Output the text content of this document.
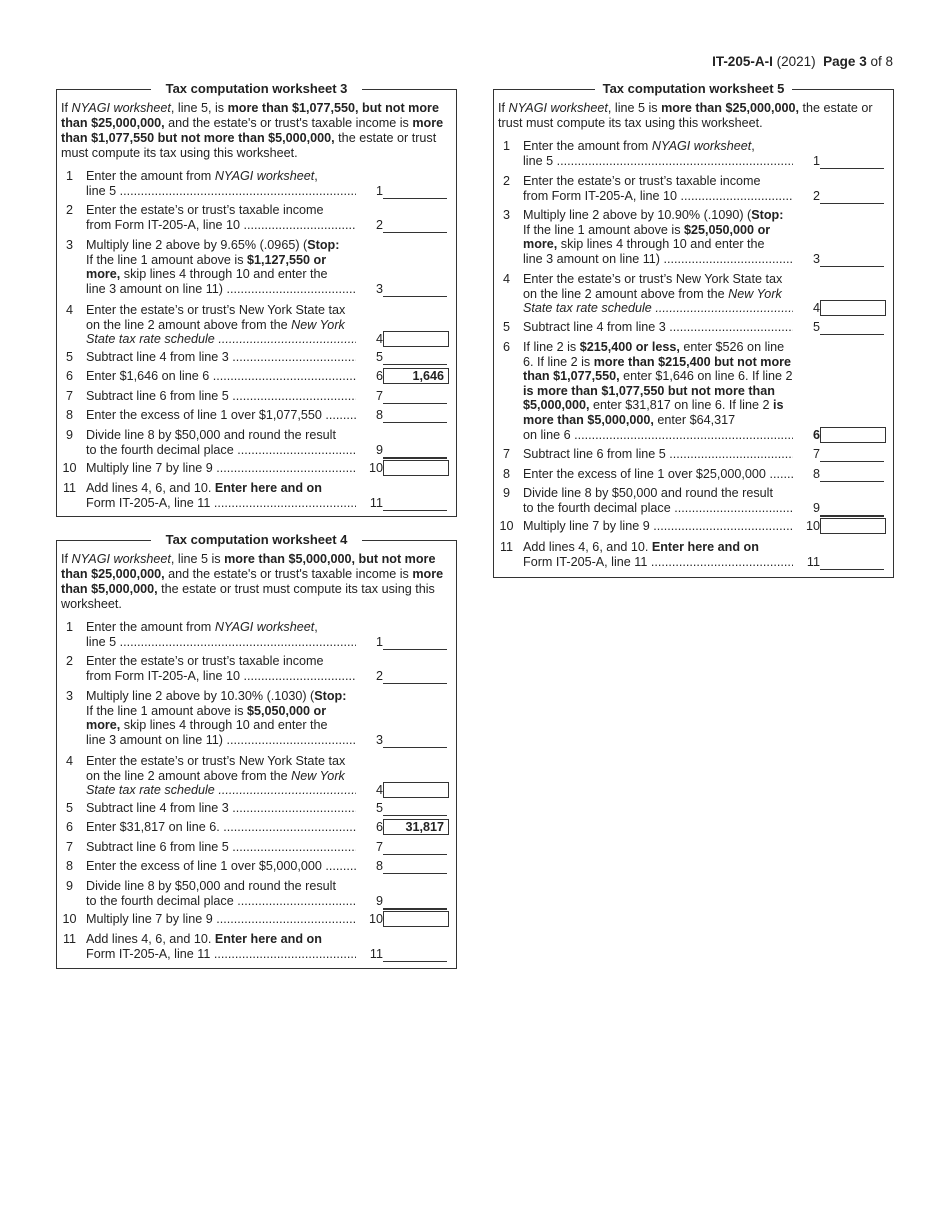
IT-205-A-I (2021) Page 3 of 8
Tax computation worksheet 3
If NYAGI worksheet, line 5, is more than $1,077,550, but not more than $25,000,000, and the estate's or trust's taxable income is more than $1,077,550 but not more than $5,000,000, the estate or trust must compute its tax using this worksheet.
1	Enter the amount from NYAGI worksheet,
line 5 .....	1
2	Enter the estate’s or trust’s taxable income
from Form IT-205-A, line 10 .....	2
3	Multiply line 2 above by 9.65% (.0965) (Stop:
If the line 1 amount above is $1,127,550 or
more, skip lines 4 through 10 and enter the
line 3 amount on line 11) .....	3
4	Enter the estate’s or trust’s New York State tax
on the line 2 amount above from the New York
State tax rate schedule .....	4
5	Subtract line 4 from line 3 .....	5
6	Enter $1,646 on line 6 .....	6	1,646
7	Subtract line 6 from line 5 .....	7
8	Enter the excess of line 1 over $1,077,550 .....	8
9	Divide line 8 by $50,000 and round the result
to the fourth decimal place .....	9
10 Multiply line 7 by line 9 .....	10
11 Add lines 4, 6, and 10. Enter here and on
Form IT-205-A, line 11 .....	11
Tax computation worksheet 4
If NYAGI worksheet, line 5 is more than $5,000,000, but not more than $25,000,000, and the estate's or trust's taxable income is more than $5,000,000, the estate or trust must compute its tax using this worksheet.
1	Enter the amount from NYAGI worksheet,
line 5 .....	1
2	Enter the estate’s or trust’s taxable income
from Form IT-205-A, line 10 .....	2
3	Multiply line 2 above by 10.30% (.1030) (Stop:
If the line 1 amount above is $5,050,000 or
more, skip lines 4 through 10 and enter the
line 3 amount on line 11) .....	3
4	Enter the estate’s or trust’s New York State tax
on the line 2 amount above from the New York
State tax rate schedule .....	4
5	Subtract line 4 from line 3 .....	5
6	Enter $31,817 on line 6. .....	6	31,817
7	Subtract line 6 from line 5 .....	7
8	Enter the excess of line 1 over $5,000,000 .....	8
9	Divide line 8 by $50,000 and round the result
to the fourth decimal place .....	9
10 Multiply line 7 by line 9 .....	10
11 Add lines 4, 6, and 10. Enter here and on
Form IT-205-A, line 11 .....	11
Tax computation worksheet 5
If NYAGI worksheet, line 5 is more than $25,000,000, the estate or trust must compute its tax using this worksheet.
1	Enter the amount from NYAGI worksheet,
line 5 .....	1
2	Enter the estate’s or trust’s taxable income
from Form IT-205-A, line 10 .....	2
3	Multiply line 2 above by 10.90% (.1090) (Stop:
If the line 1 amount above is $25,050,000 or
more, skip lines 4 through 10 and enter the
line 3 amount on line 11) .....	3
4	Enter the estate’s or trust’s New York State tax
on the line 2 amount above from the New York
State tax rate schedule .....	4
5	Subtract line 4 from line 3 .....	5
6	If line 2 is $215,400 or less, enter $526 on line 6. If line 2 is more than $215,400 but not more than $1,077,550, enter $1,646 on line 6. If line 2 is more than $1,077,550 but not more than $5,000,000, enter $31,817 on line 6. If line 2 is more than $5,000,000, enter $64,317
on line 6 .....	6
7	Subtract line 6 from line 5 .....	7
8	Enter the excess of line 1 over $25,000,000 .....	8
9	Divide line 8 by $50,000 and round the result
to the fourth decimal place .....	9
10 Multiply line 7 by line 9 .....	10
11 Add lines 4, 6, and 10. Enter here and on
Form IT-205-A, line 11 .....	11
